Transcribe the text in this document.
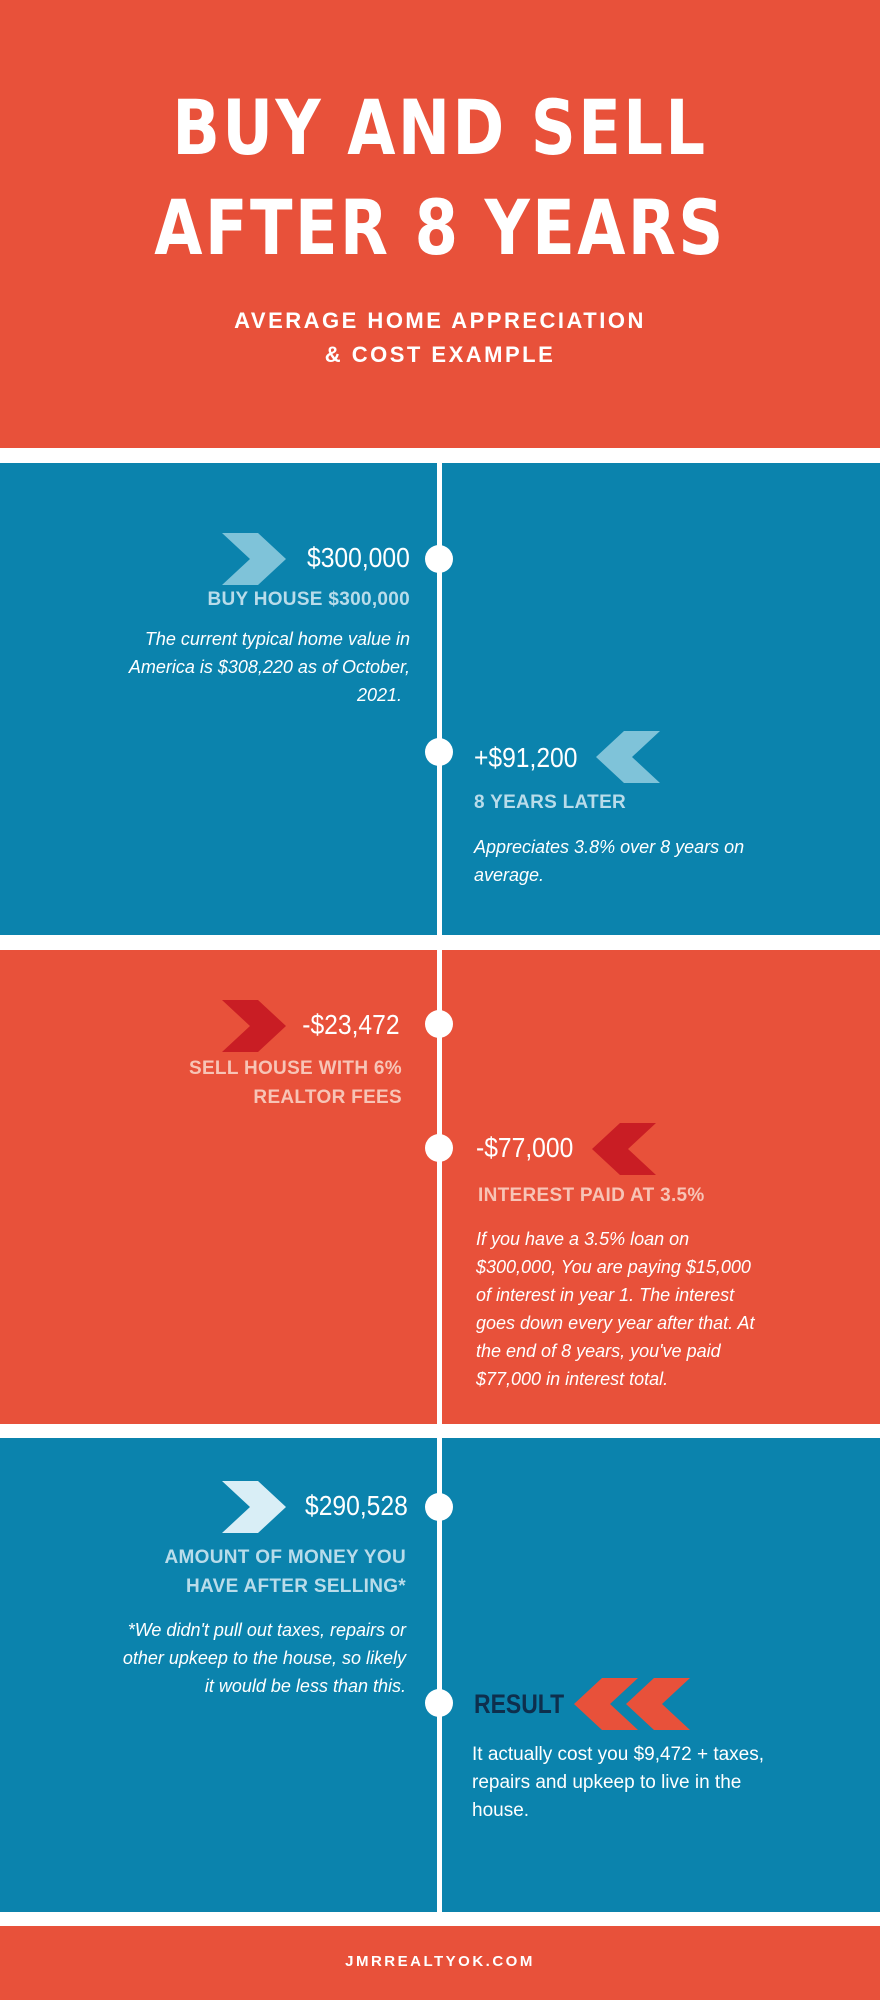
BUY AND SELL
AFTER 8 YEARS
AVERAGE HOME APPRECIATION
& COST EXAMPLE
$300,000
BUY HOUSE $300,000
The current typical home value in
America is $308,220 as of October,
2021.
+$91,200
8 YEARS LATER
Appreciates 3.8% over 8 years on
average.
-$23,472
SELL HOUSE WITH 6%
REALTOR FEES
-$77,000
INTEREST PAID AT 3.5%
If you have a 3.5% loan on
$300,000, You are paying $15,000
of interest in year 1. The interest
goes down every year after that. At
the end of 8 years, you've paid
$77,000 in interest total.
$290,528
AMOUNT OF MONEY YOU
HAVE AFTER SELLING*
*We didn't pull out taxes, repairs or
other upkeep to the house, so likely
it would be less than this.
RESULT
It actually cost you $9,472 + taxes,
repairs and upkeep to live in the
house.
JMRREALTYOK.COM
